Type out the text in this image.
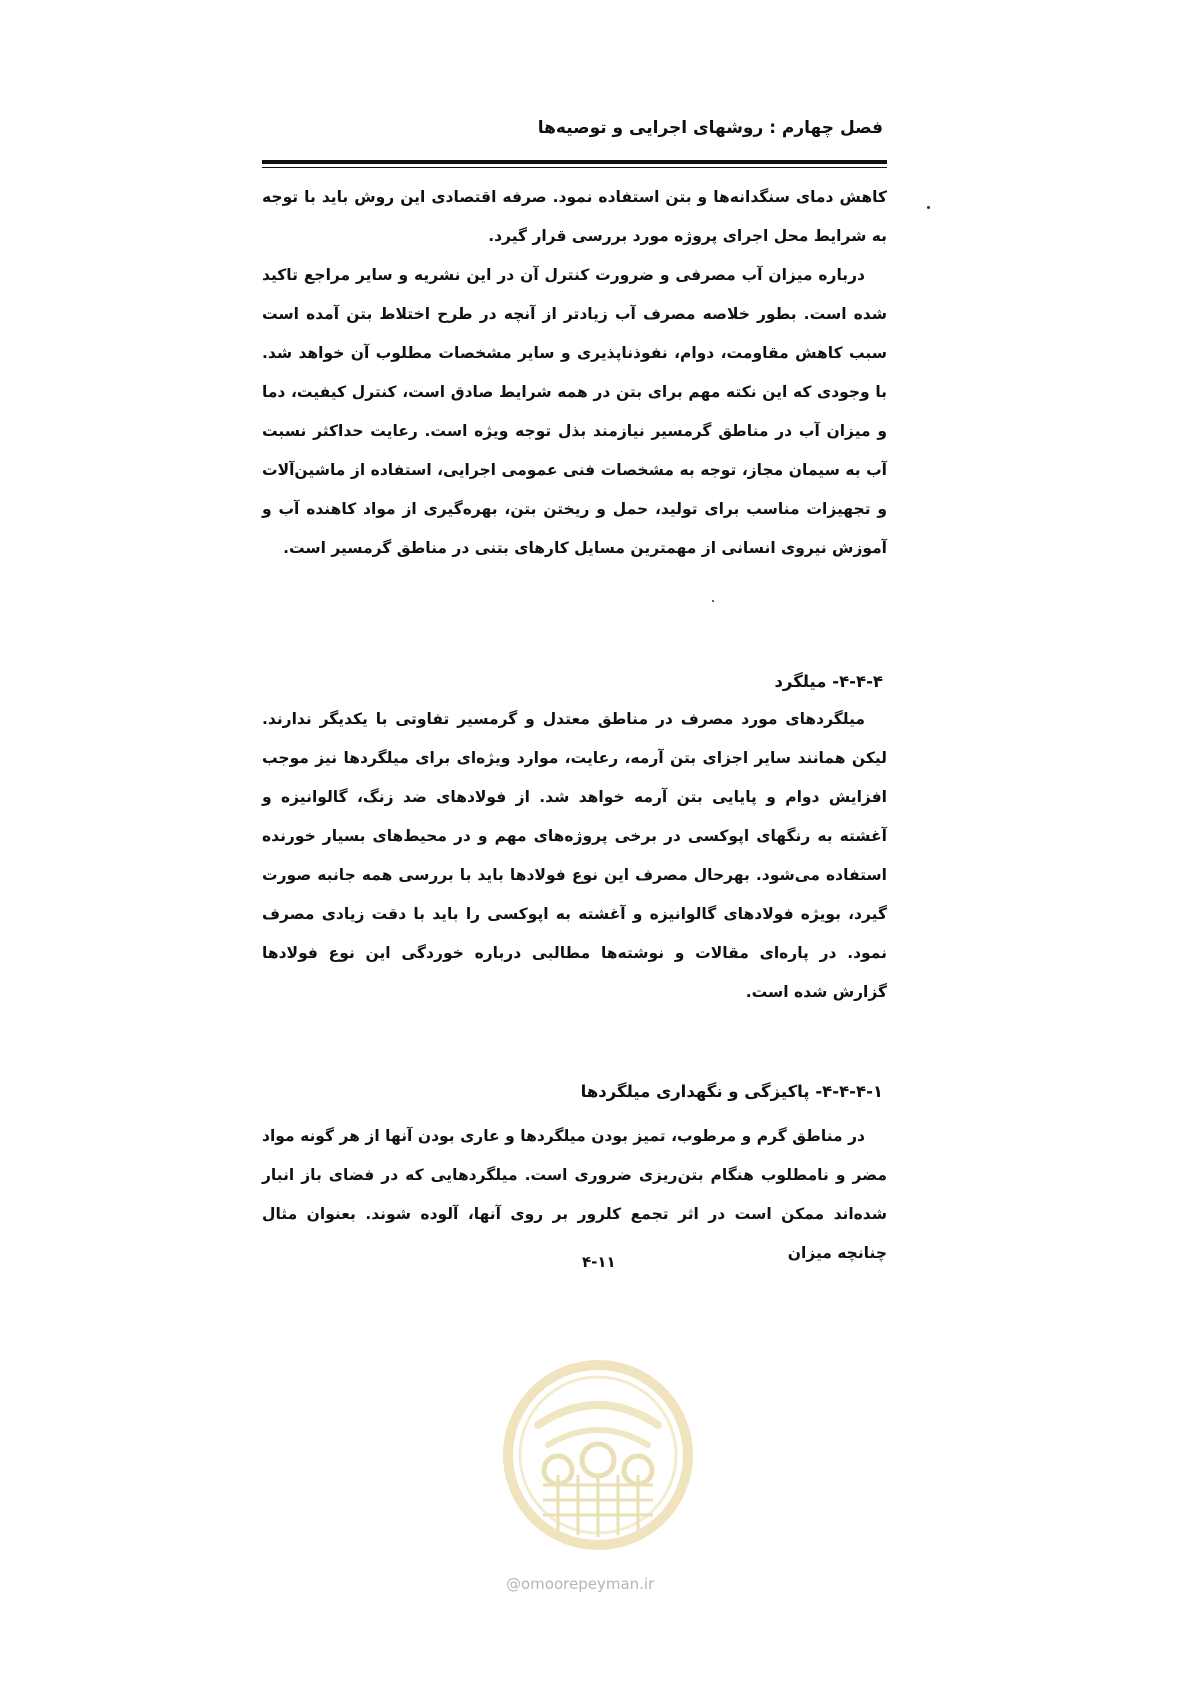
فصل چهارم : روشهای اجرایی و توصیه‌ها

کاهش دمای سنگدانه‌ها و بتن استفاده نمود. صرفه اقتصادی این روش باید با توجه به شرایط محل اجرای پروژه مورد بررسی قرار گیرد.

درباره میزان آب مصرفی و ضرورت کنترل آن در این نشریه و سایر مراجع تاکید شده است. بطور خلاصه مصرف آب زیادتر از آنچه در طرح اختلاط بتن آمده است سبب کاهش مقاومت، دوام، نفوذناپذیری و سایر مشخصات مطلوب آن خواهد شد. با وجودی که این نکته مهم برای بتن در همه شرایط صادق است، کنترل کیفیت، دما و میزان آب در مناطق گرمسیر نیازمند بذل توجه ویژه است. رعایت حداکثر نسبت آب به سیمان مجاز، توجه به مشخصات فنی عمومی اجرایی، استفاده از ماشین‌آلات و تجهیزات مناسب برای تولید، حمل و ریختن بتن، بهره‌گیری از مواد کاهنده آب و آموزش نیروی انسانی از مهمترین مسایل کارهای بتنی در مناطق گرمسیر است.

۴-۴-۴- میلگرد

میلگردهای مورد مصرف در مناطق معتدل و گرمسیر تفاوتی با یکدیگر ندارند. لیکن همانند سایر اجزای بتن آرمه، رعایت، موارد ویژه‌ای برای میلگردها نیز موجب افزایش دوام و پایایی بتن آرمه خواهد شد. از فولادهای ضد زنگ، گالوانیزه و آغشته به رنگهای اپوکسی در برخی پروژه‌های مهم و در محیط‌های بسیار خورنده استفاده می‌شود. بهرحال مصرف این نوع فولادها باید با بررسی همه جانبه صورت گیرد، بویژه فولادهای گالوانیزه و آغشته به اپوکسی را باید با دقت زیادی مصرف نمود. در پاره‌ای مقالات و نوشته‌ها مطالبی درباره خوردگی این نوع فولادها گزارش شده است.

۴-۴-۴-۱- پاکیزگی و نگهداری میلگردها

در مناطق گرم و مرطوب، تمیز بودن میلگردها و عاری بودن آنها از هر گونه مواد مضر و نامطلوب هنگام بتن‌ریزی ضروری است. میلگردهایی که در فضای باز انبار شده‌اند ممکن است در اثر تجمع کلرور بر روی آنها، آلوده شوند. بعنوان مثال چنانچه میزان

۴-۱۱
@omoorepeyman.ir
